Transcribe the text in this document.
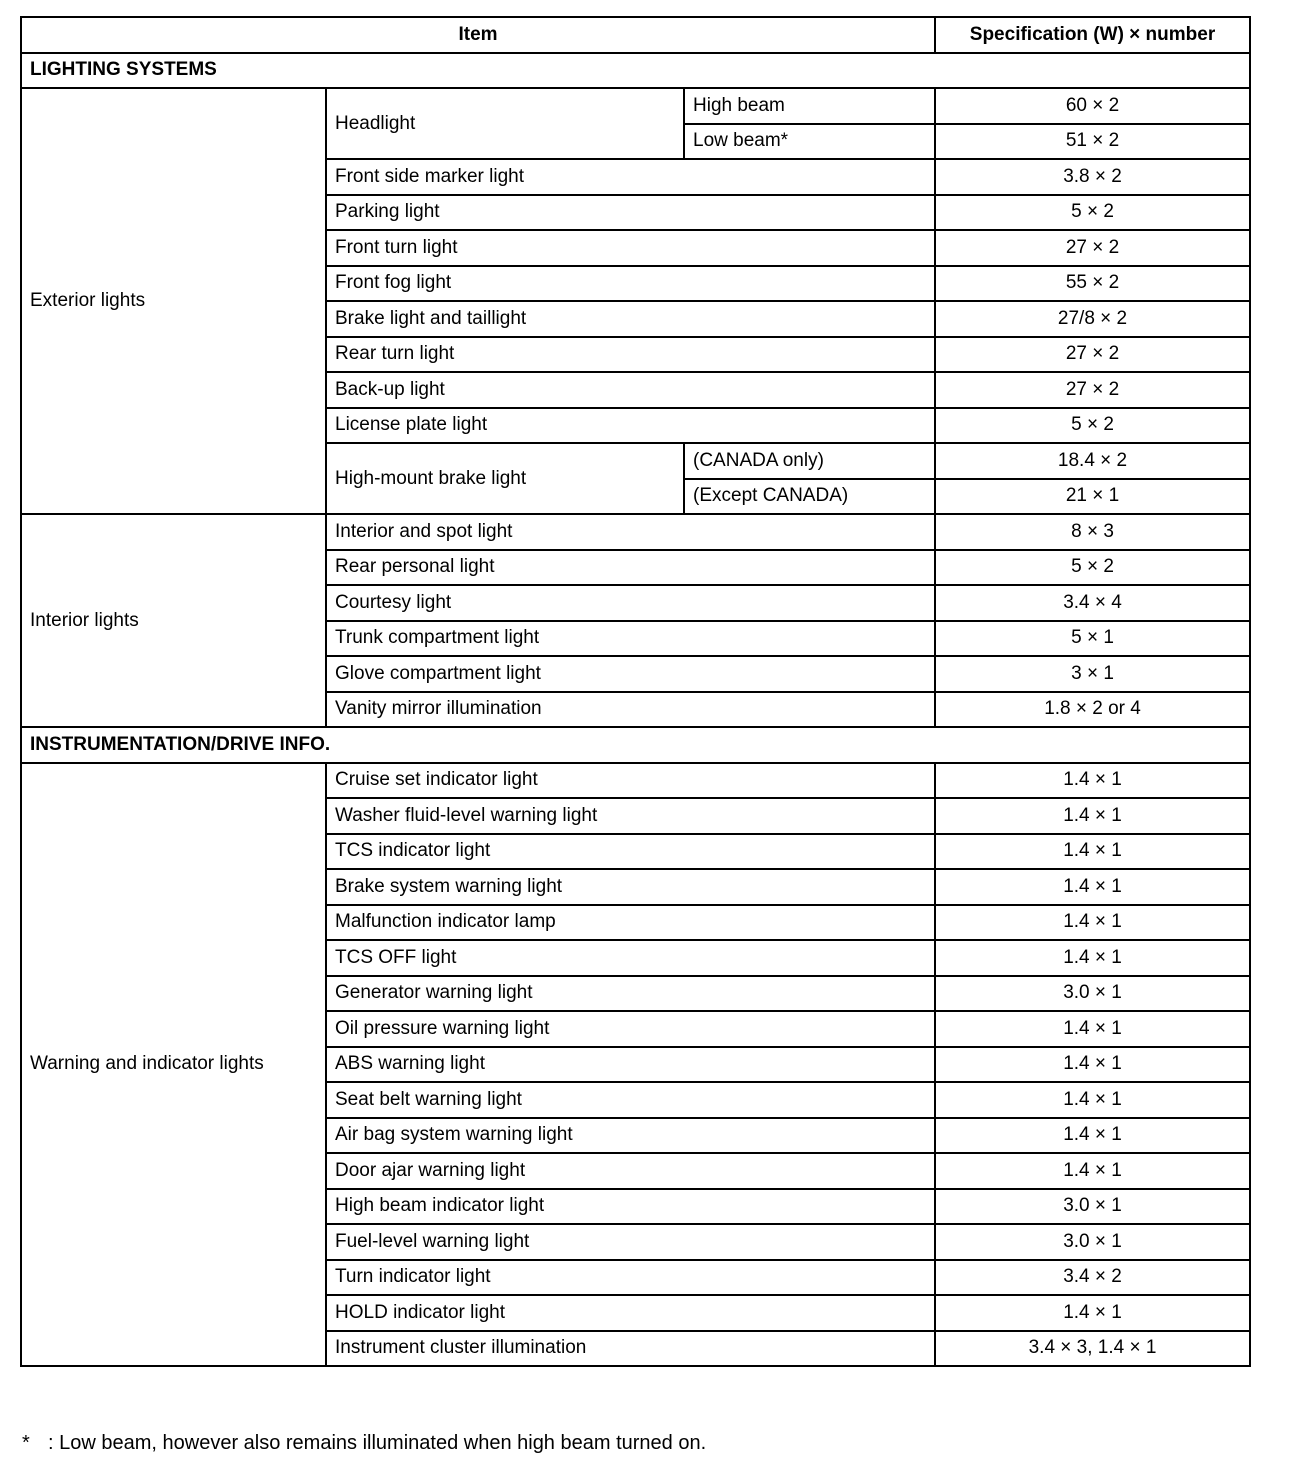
Item			Specification (W) × number
LIGHTING SYSTEMS			
Exterior lights	Headlight	High beam	60 × 2
		Low beam*	51 × 2
	Front side marker light		3.8 × 2
	Parking light		5 × 2
	Front turn light		27 × 2
	Front fog light		55 × 2
	Brake light and taillight		27/8 × 2
	Rear turn light		27 × 2
	Back-up light		27 × 2
	License plate light		5 × 2
	High-mount brake light	(CANADA only)	18.4 × 2
		(Except CANADA)	21 × 1
Interior lights	Interior and spot light		8 × 3
	Rear personal light		5 × 2
	Courtesy light		3.4 × 4
	Trunk compartment light		5 × 1
	Glove compartment light		3 × 1
	Vanity mirror illumination		1.8 × 2 or 4
INSTRUMENTATION/DRIVE INFO.			
Warning and indicator lights	Cruise set indicator light		1.4 × 1
	Washer fluid-level warning light		1.4 × 1
	TCS indicator light		1.4 × 1
	Brake system warning light		1.4 × 1
	Malfunction indicator lamp		1.4 × 1
	TCS OFF light		1.4 × 1
	Generator warning light		3.0 × 1
	Oil pressure warning light		1.4 × 1
	ABS warning light		1.4 × 1
	Seat belt warning light		1.4 × 1
	Air bag system warning light		1.4 × 1
	Door ajar warning light		1.4 × 1
	High beam indicator light		3.0 × 1
	Fuel-level warning light		3.0 × 1
	Turn indicator light		3.4 × 2
	HOLD indicator light		1.4 × 1
	Instrument cluster illumination		3.4 × 3, 1.4 × 1
* : Low beam, however also remains illuminated when high beam turned on.
